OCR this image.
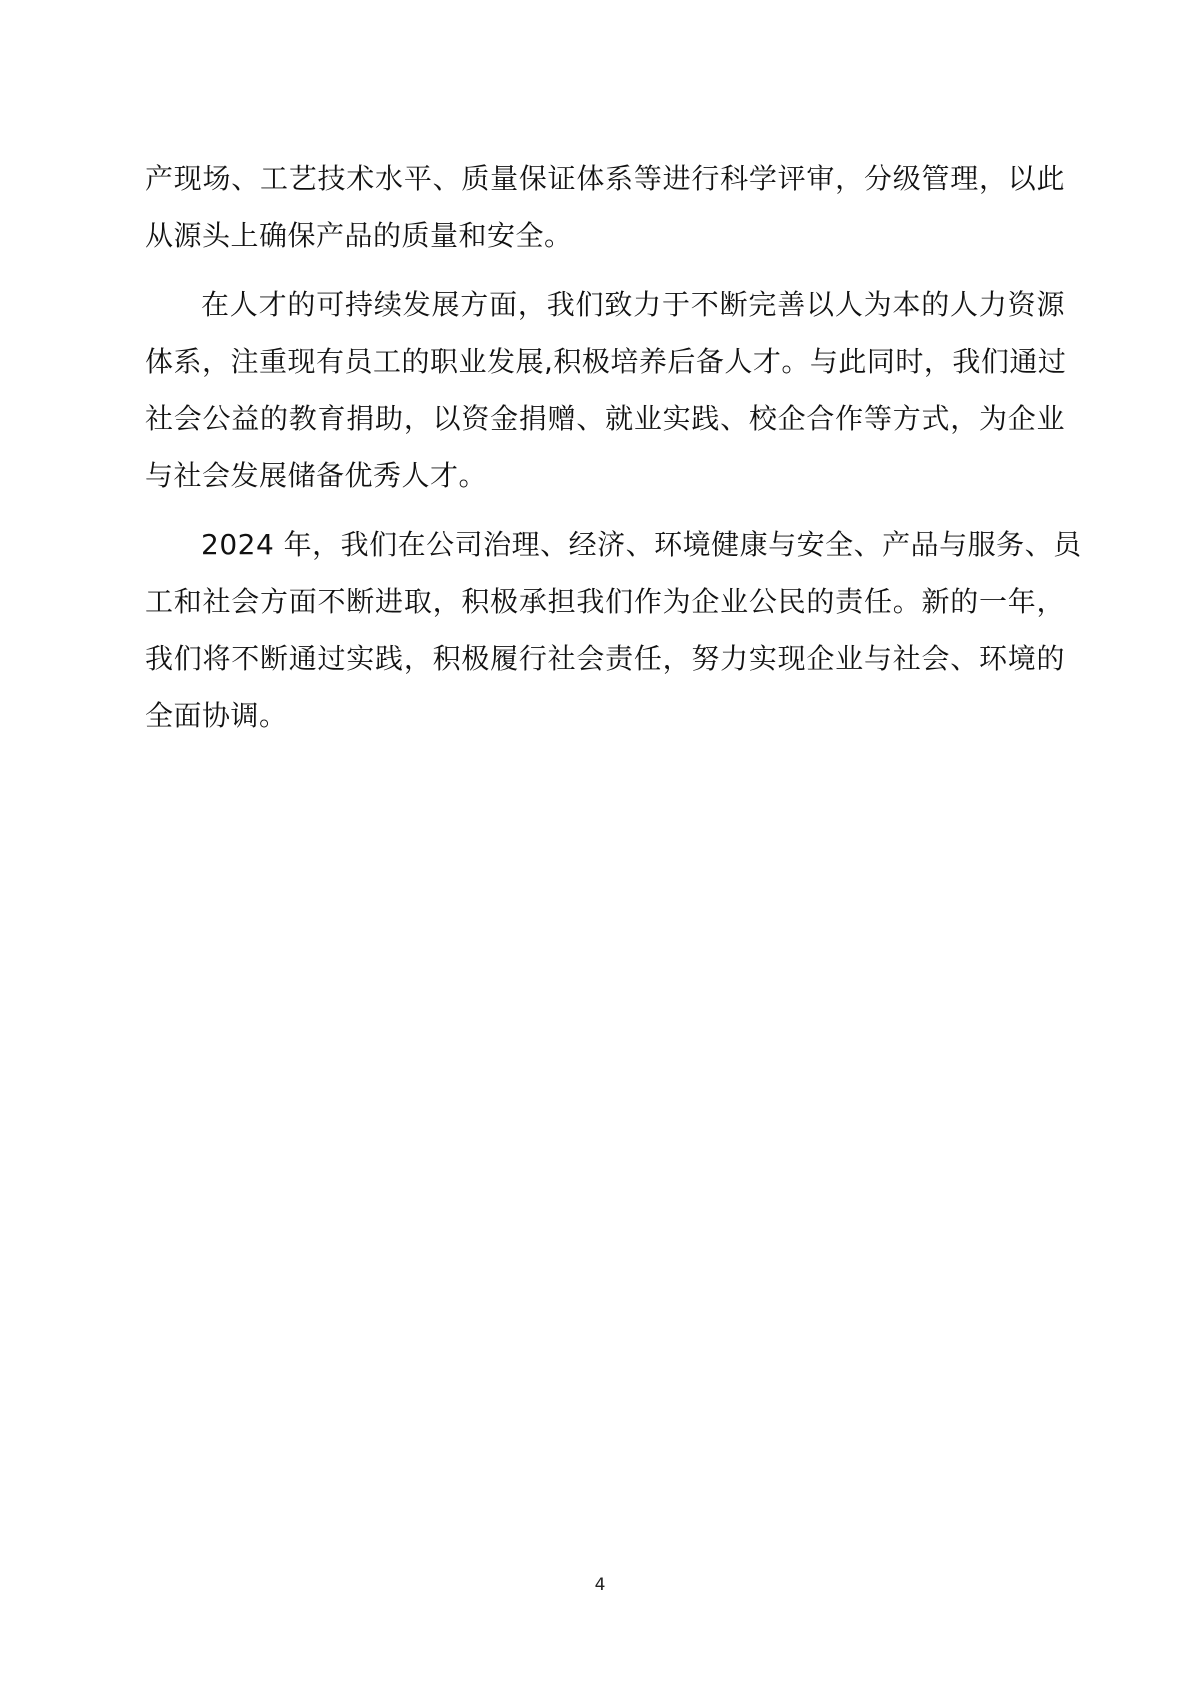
产现场、工艺技术水平、质量保证体系等进行科学评审，分级管理，以此
从源头上确保产品的质量和安全。
在人才的可持续发展方面，我们致力于不断完善以人为本的人力资源
体系，注重现有员工的职业发展,积极培养后备人才。与此同时，我们通过
社会公益的教育捐助，以资金捐赠、就业实践、校企合作等方式，为企业
与社会发展储备优秀人才。
2024 年，我们在公司治理、经济、环境健康与安全、产品与服务、员
工和社会方面不断进取，积极承担我们作为企业公民的责任。新的一年，
我们将不断通过实践，积极履行社会责任，努力实现企业与社会、环境的
全面协调。
4
